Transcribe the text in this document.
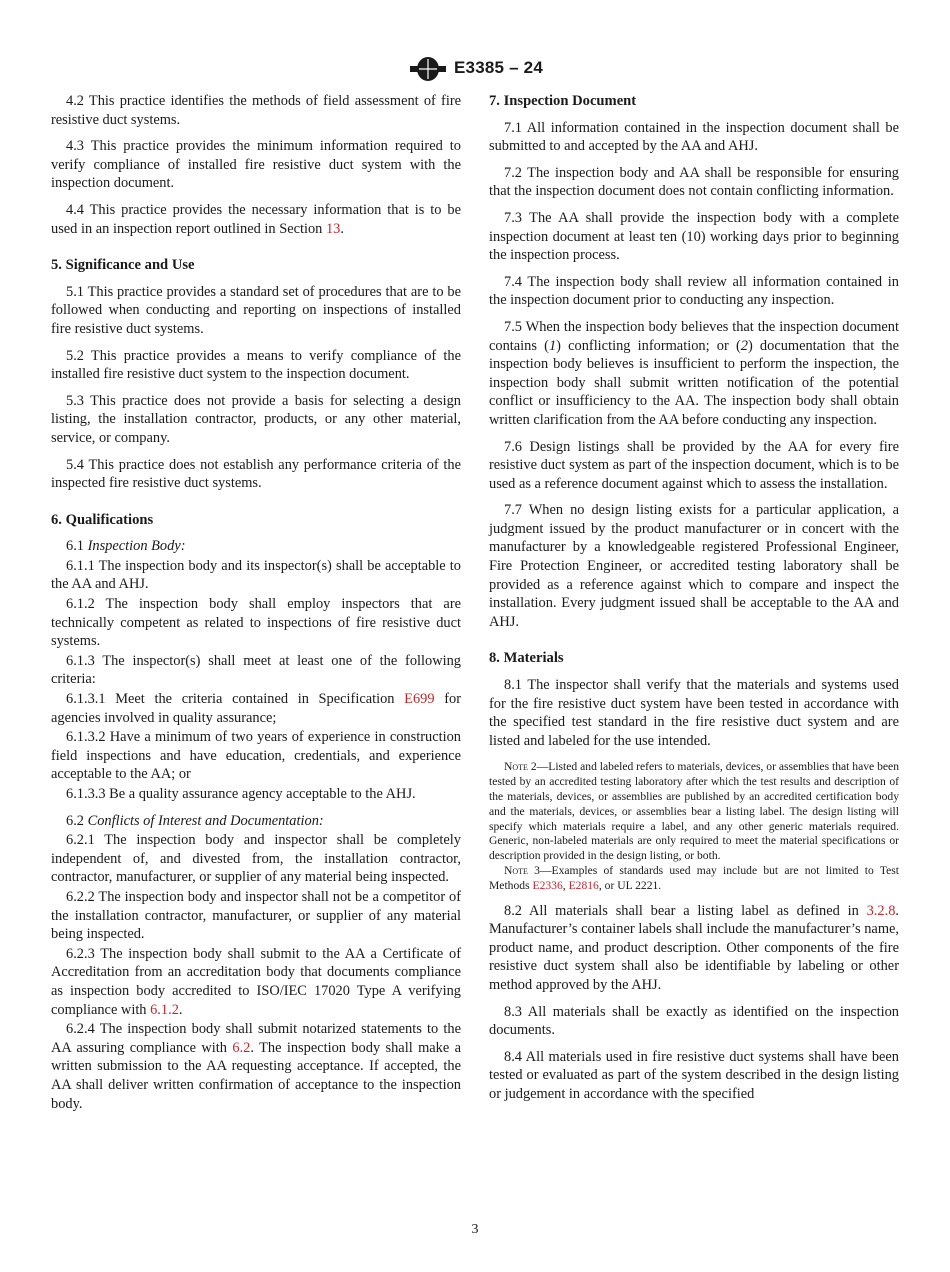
E3385 – 24

4.2 This practice identifies the methods of field assessment of fire resistive duct systems.

4.3 This practice provides the minimum information required to verify compliance of installed fire resistive duct system with the inspection document.

4.4 This practice provides the necessary information that is to be used in an inspection report outlined in Section 13.

5. Significance and Use

5.1 This practice provides a standard set of procedures that are to be followed when conducting and reporting on inspections of installed fire resistive duct systems.

5.2 This practice provides a means to verify compliance of the installed fire resistive duct system to the inspection document.

5.3 This practice does not provide a basis for selecting a design listing, the installation contractor, products, or any other material, service, or company.

5.4 This practice does not establish any performance criteria of the inspected fire resistive duct systems.

6. Qualifications

6.1 Inspection Body:

6.1.1 The inspection body and its inspector(s) shall be acceptable to the AA and AHJ.

6.1.2 The inspection body shall employ inspectors that are technically competent as related to inspections of fire resistive duct systems.

6.1.3 The inspector(s) shall meet at least one of the following criteria:

6.1.3.1 Meet the criteria contained in Specification E699 for agencies involved in quality assurance;

6.1.3.2 Have a minimum of two years of experience in construction field inspections and have education, credentials, and experience acceptable to the AA; or

6.1.3.3 Be a quality assurance agency acceptable to the AHJ.

6.2 Conflicts of Interest and Documentation:

6.2.1 The inspection body and inspector shall be completely independent of, and divested from, the installation contractor, contractor, manufacturer, or supplier of any material being inspected.

6.2.2 The inspection body and inspector shall not be a competitor of the installation contractor, manufacturer, or supplier of any material being inspected.

6.2.3 The inspection body shall submit to the AA a Certificate of Accreditation from an accreditation body that documents compliance as inspection body accredited to ISO/IEC 17020 Type A verifying compliance with 6.1.2.

6.2.4 The inspection body shall submit notarized statements to the AA assuring compliance with 6.2. The inspection body shall make a written submission to the AA requesting acceptance. If accepted, the AA shall deliver written confirmation of acceptance to the inspection body.

7. Inspection Document

7.1 All information contained in the inspection document shall be submitted to and accepted by the AA and AHJ.

7.2 The inspection body and AA shall be responsible for ensuring that the inspection document does not contain conflicting information.

7.3 The AA shall provide the inspection body with a complete inspection document at least ten (10) working days prior to beginning the inspection process.

7.4 The inspection body shall review all information contained in the inspection document prior to conducting any inspection.

7.5 When the inspection body believes that the inspection document contains (1) conflicting information; or (2) documentation that the inspection body believes is insufficient to perform the inspection, the inspection body shall submit written notification of the potential conflict or insufficiency to the AA. The inspection body shall obtain written clarification from the AA before conducting any inspection.

7.6 Design listings shall be provided by the AA for every fire resistive duct system as part of the inspection document, which is to be used as a reference document against which to assess the installation.

7.7 When no design listing exists for a particular application, a judgment issued by the product manufacturer or in concert with the manufacturer by a knowledgeable registered Professional Engineer, Fire Protection Engineer, or accredited testing laboratory shall be provided as a reference against which to compare and inspect the installation. Every judgment issued shall be acceptable to the AA and AHJ.

8. Materials

8.1 The inspector shall verify that the materials and systems used for the fire resistive duct system have been tested in accordance with the specified test standard in the fire resistive duct system and are listed and labeled for the use intended.

Note 2—Listed and labeled refers to materials, devices, or assemblies that have been tested by an accredited testing laboratory after which the test results and description of the materials, devices, or assemblies are published by an accredited certification body and the materials, devices, or assemblies bear a listing label. The design listing will specify which materials require a label, and any other generic materials required. Generic, non-labeled materials are only required to meet the material specifications or description provided in the design listing, or both.

Note 3—Examples of standards used may include but are not limited to Test Methods E2336, E2816, or UL 2221.

8.2 All materials shall bear a listing label as defined in 3.2.8. Manufacturer’s container labels shall include the manufacturer’s name, product name, and product description. Other components of the fire resistive duct system shall also be identifiable by labeling or other method approved by the AHJ.

8.3 All materials shall be exactly as identified on the inspection documents.

8.4 All materials used in fire resistive duct systems shall have been tested or evaluated as part of the system described in the design listing or judgement in accordance with the specified

3
